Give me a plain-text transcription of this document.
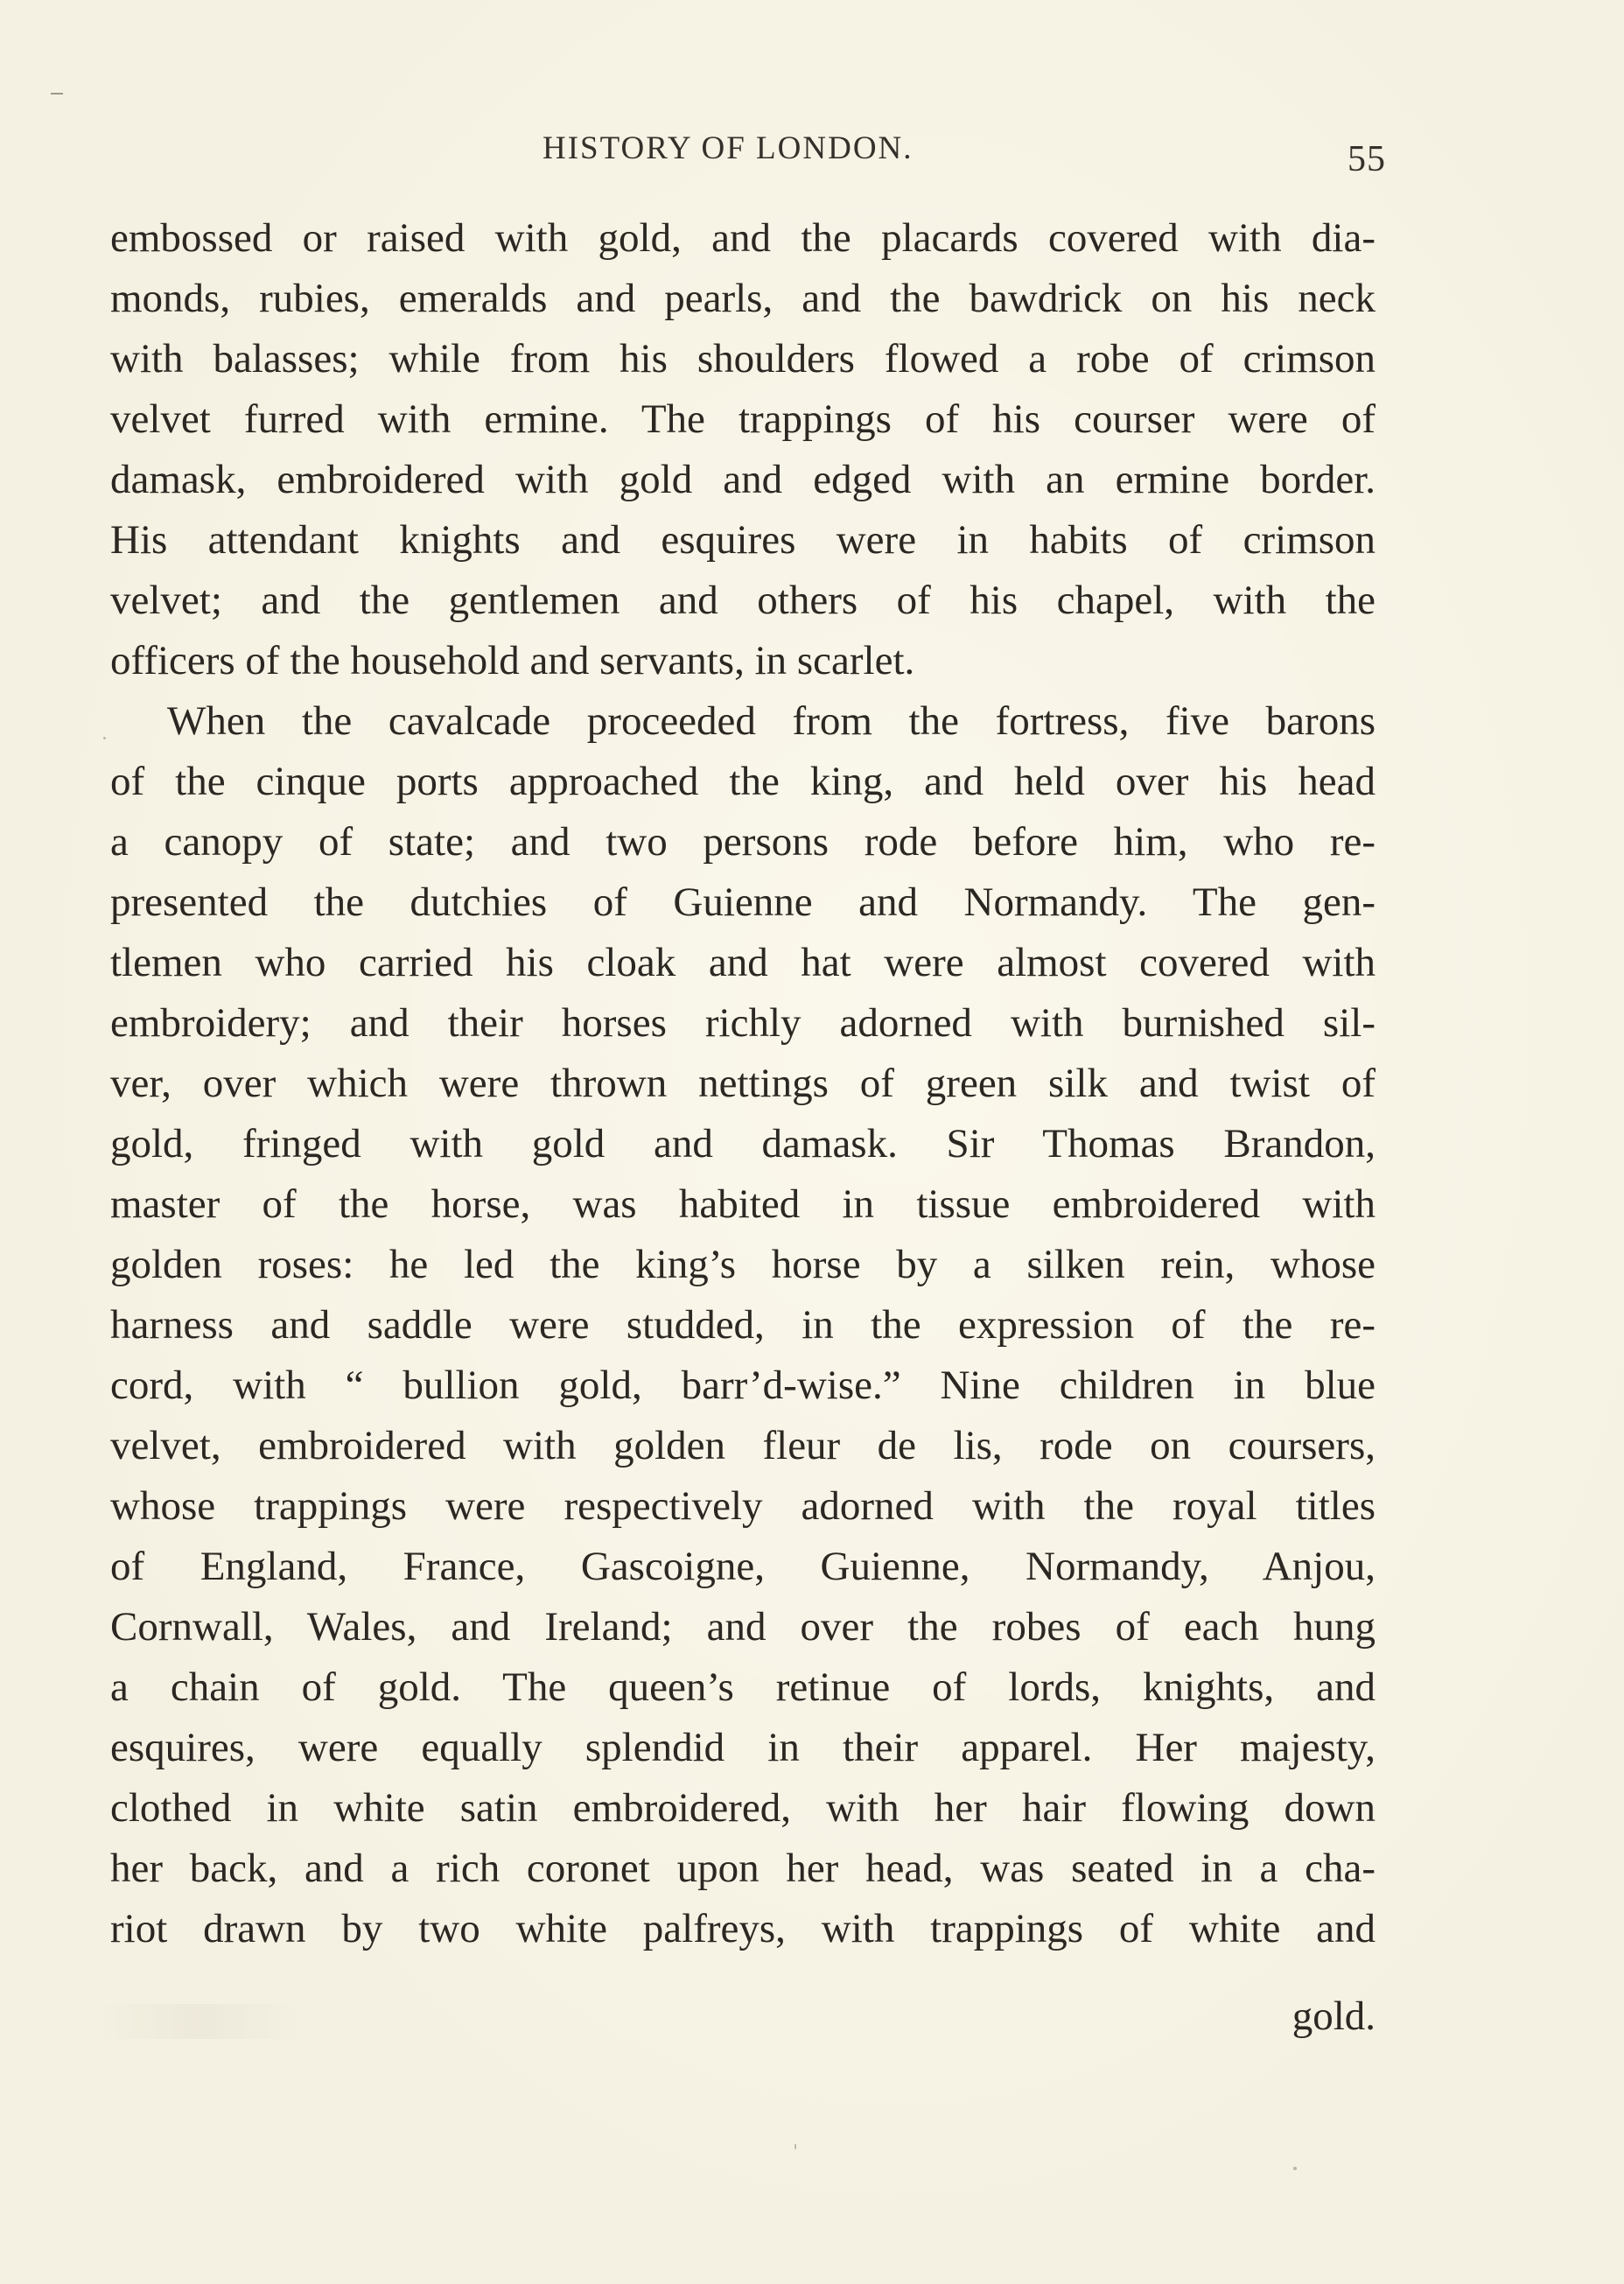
HISTORY OF LONDON.	55
embossed or raised with gold, and the placards covered with dia-
monds, rubies, emeralds and pearls, and the bawdrick on his neck
with balasses; while from his shoulders flowed a robe of crimson
velvet furred with ermine. The trappings of his courser were of
damask, embroidered with gold and edged with an ermine border.
His attendant knights and esquires were in habits of crimson
velvet; and the gentlemen and others of his chapel, with the
officers of the household and servants, in scarlet.
When the cavalcade proceeded from the fortress, five barons
of the cinque ports approached the king, and held over his head
a canopy of state; and two persons rode before him, who re-
presented the dutchies of Guienne and Normandy. The gen-
tlemen who carried his cloak and hat were almost covered with
embroidery; and their horses richly adorned with burnished sil-
ver, over which were thrown nettings of green silk and twist of
gold, fringed with gold and damask. Sir Thomas Brandon,
master of the horse, was habited in tissue embroidered with
golden roses: he led the king’s horse by a silken rein, whose
harness and saddle were studded, in the expression of the re-
cord, with “ bullion gold, barr’d-wise.” Nine children in blue
velvet, embroidered with golden fleur de lis, rode on coursers,
whose trappings were respectively adorned with the royal titles
of England, France, Gascoigne, Guienne, Normandy, Anjou,
Cornwall, Wales, and Ireland; and over the robes of each hung
a chain of gold. The queen’s retinue of lords, knights, and
esquires, were equally splendid in their apparel. Her majesty,
clothed in white satin embroidered, with her hair flowing down
her back, and a rich coronet upon her head, was seated in a cha-
riot drawn by two white palfreys, with trappings of white and
gold.
